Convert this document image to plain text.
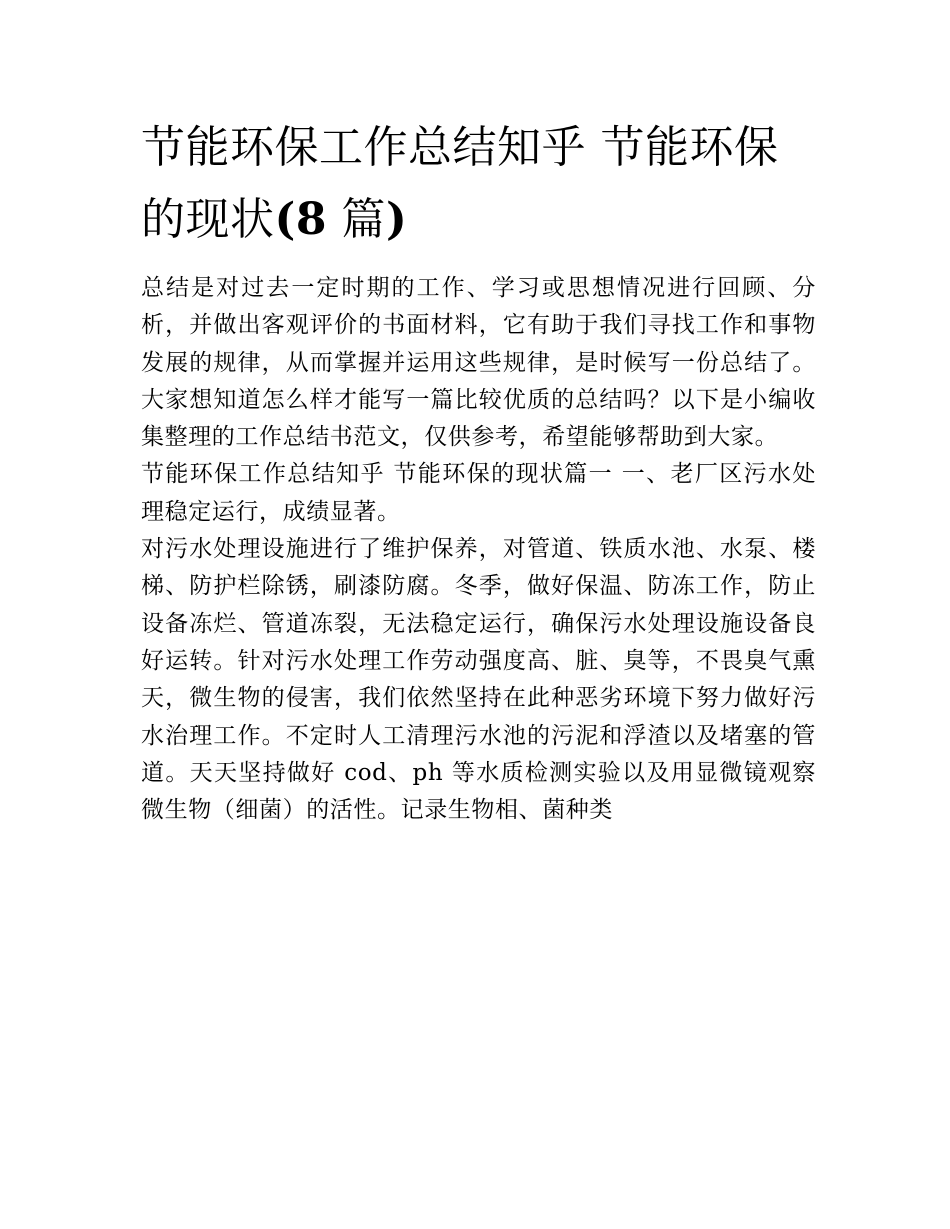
节能环保工作总结知乎 节能环保的现状(8 篇)

总结是对过去一定时期的工作、学习或思想情况进行回顾、分析，并做出客观评价的书面材料，它有助于我们寻找工作和事物发展的规律，从而掌握并运用这些规律，是时候写一份总结了。大家想知道怎么样才能写一篇比较优质的总结吗？以下是小编收集整理的工作总结书范文，仅供参考，希望能够帮助到大家。

节能环保工作总结知乎 节能环保的现状篇一 一、老厂区污水处理稳定运行，成绩显著。

对污水处理设施进行了维护保养，对管道、铁质水池、水泵、楼梯、防护栏除锈，刷漆防腐。冬季，做好保温、防冻工作，防止设备冻烂、管道冻裂，无法稳定运行，确保污水处理设施设备良好运转。针对污水处理工作劳动强度高、脏、臭等，不畏臭气熏天，微生物的侵害，我们依然坚持在此种恶劣环境下努力做好污水治理工作。不定时人工清理污水池的污泥和浮渣以及堵塞的管道。天天坚持做好 cod、ph 等水质检测实验以及用显微镜观察微生物（细菌）的活性。记录生物相、菌种类
